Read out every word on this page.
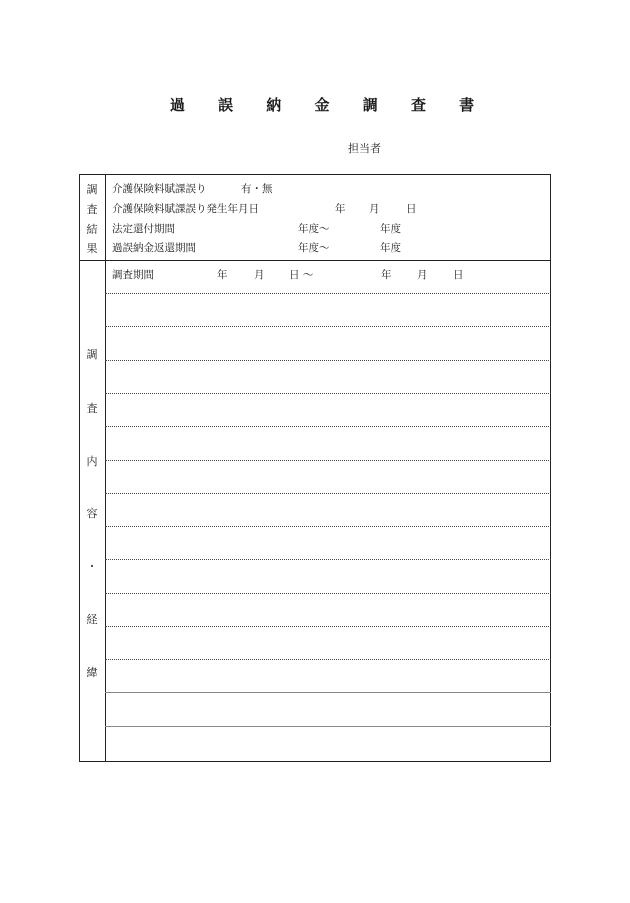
過 誤 納 金 調 査 書
担当者
調
査
結
果
介護保険料賦課誤り	有・無
介護保険料賦課誤り発生年月日	年 月	日
法定還付期間	年度～	年度
過誤納金返還期間	年度～	年度
調
査
内
容
・
経
緯
調査期間	年	月 日 ～	年 月 日
